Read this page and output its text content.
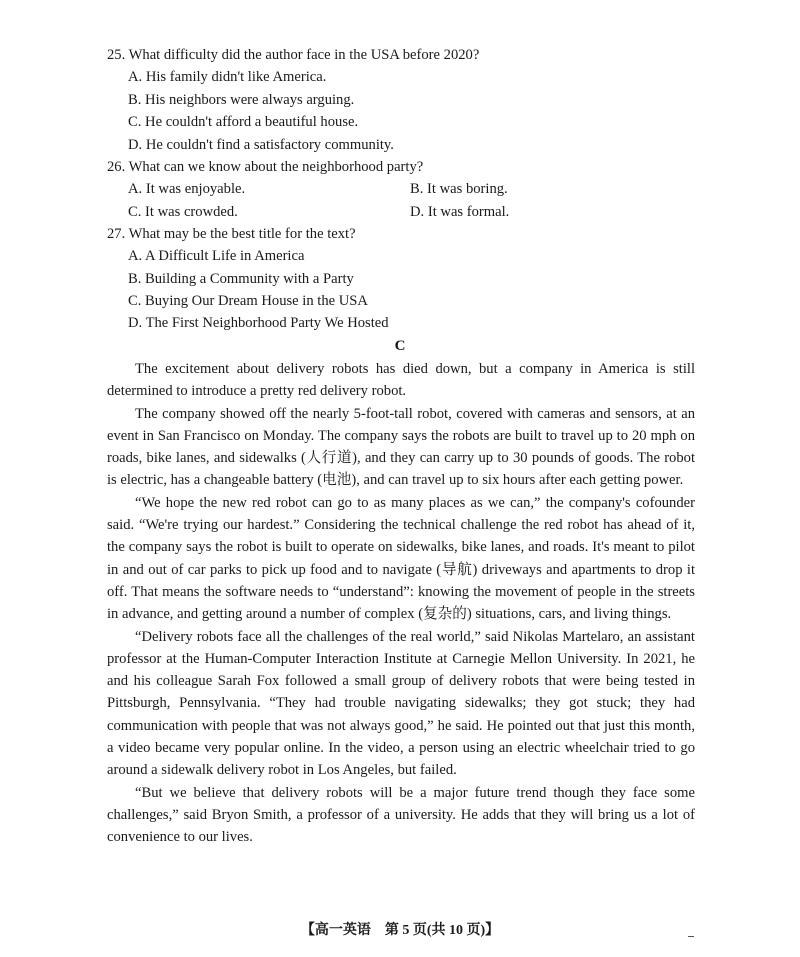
25. What difficulty did the author face in the USA before 2020?
A. His family didn't like America.
B. His neighbors were always arguing.
C. He couldn't afford a beautiful house.
D. He couldn't find a satisfactory community.
26. What can we know about the neighborhood party?
A. It was enjoyable.	B. It was boring.
C. It was crowded.	D. It was formal.
27. What may be the best title for the text?
A. A Difficult Life in America
B. Building a Community with a Party
C. Buying Our Dream House in the USA
D. The First Neighborhood Party We Hosted
C

The excitement about delivery robots has died down, but a company in America is still determined to introduce a pretty red delivery robot.

The company showed off the nearly 5-foot-tall robot, covered with cameras and sensors, at an event in San Francisco on Monday. The company says the robots are built to travel up to 20 mph on roads, bike lanes, and sidewalks (人行道), and they can carry up to 30 pounds of goods. The robot is electric, has a changeable battery (电池), and can travel up to six hours after each getting power.

“We hope the new red robot can go to as many places as we can,” the company's cofounder said. “We're trying our hardest.” Considering the technical challenge the red robot has ahead of it, the company says the robot is built to operate on sidewalks, bike lanes, and roads. It's meant to pilot in and out of car parks to pick up food and to navigate (导航) driveways and apartments to drop it off. That means the software needs to “understand”: knowing the movement of people in the streets in advance, and getting around a number of complex (复杂的) situations, cars, and living things.

“Delivery robots face all the challenges of the real world,” said Nikolas Martelaro, an assistant professor at the Human-Computer Interaction Institute at Carnegie Mellon University. In 2021, he and his colleague Sarah Fox followed a small group of delivery robots that were being tested in Pittsburgh, Pennsylvania. “They had trouble navigating sidewalks; they got stuck; they had communication with people that was not always good,” he said. He pointed out that just this month, a video became very popular online. In the video, a person using an electric wheelchair tried to go around a sidewalk delivery robot in Los Angeles, but failed.

“But we believe that delivery robots will be a major future trend though they face some challenges,” said Bryon Smith, a professor of a university. He adds that they will bring us a lot of convenience to our lives.

【高一英语　第 5 页(共 10 页)】
